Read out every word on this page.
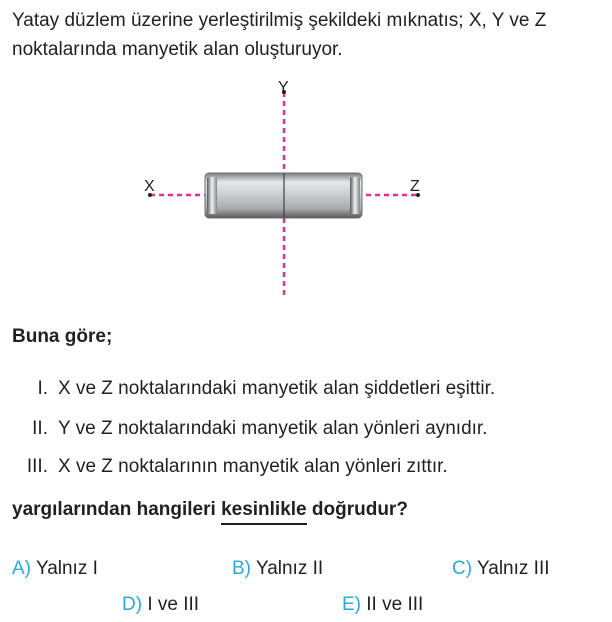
Yatay düzlem üzerine yerleştirilmiş şekildeki mıknatıs; X, Y ve Z noktalarında manyetik alan oluşturuyor.

X
Y
Z

Buna göre;

I. X ve Z noktalarındaki manyetik alan şiddetleri eşittir.
II. Y ve Z noktalarındaki manyetik alan yönleri aynıdır.
III. X ve Z noktalarının manyetik alan yönleri zıttır.

yargılarından hangileri kesinlikle doğrudur?

A) Yalnız I	B) Yalnız II	C) Yalnız III
D) I ve III	E) II ve III
